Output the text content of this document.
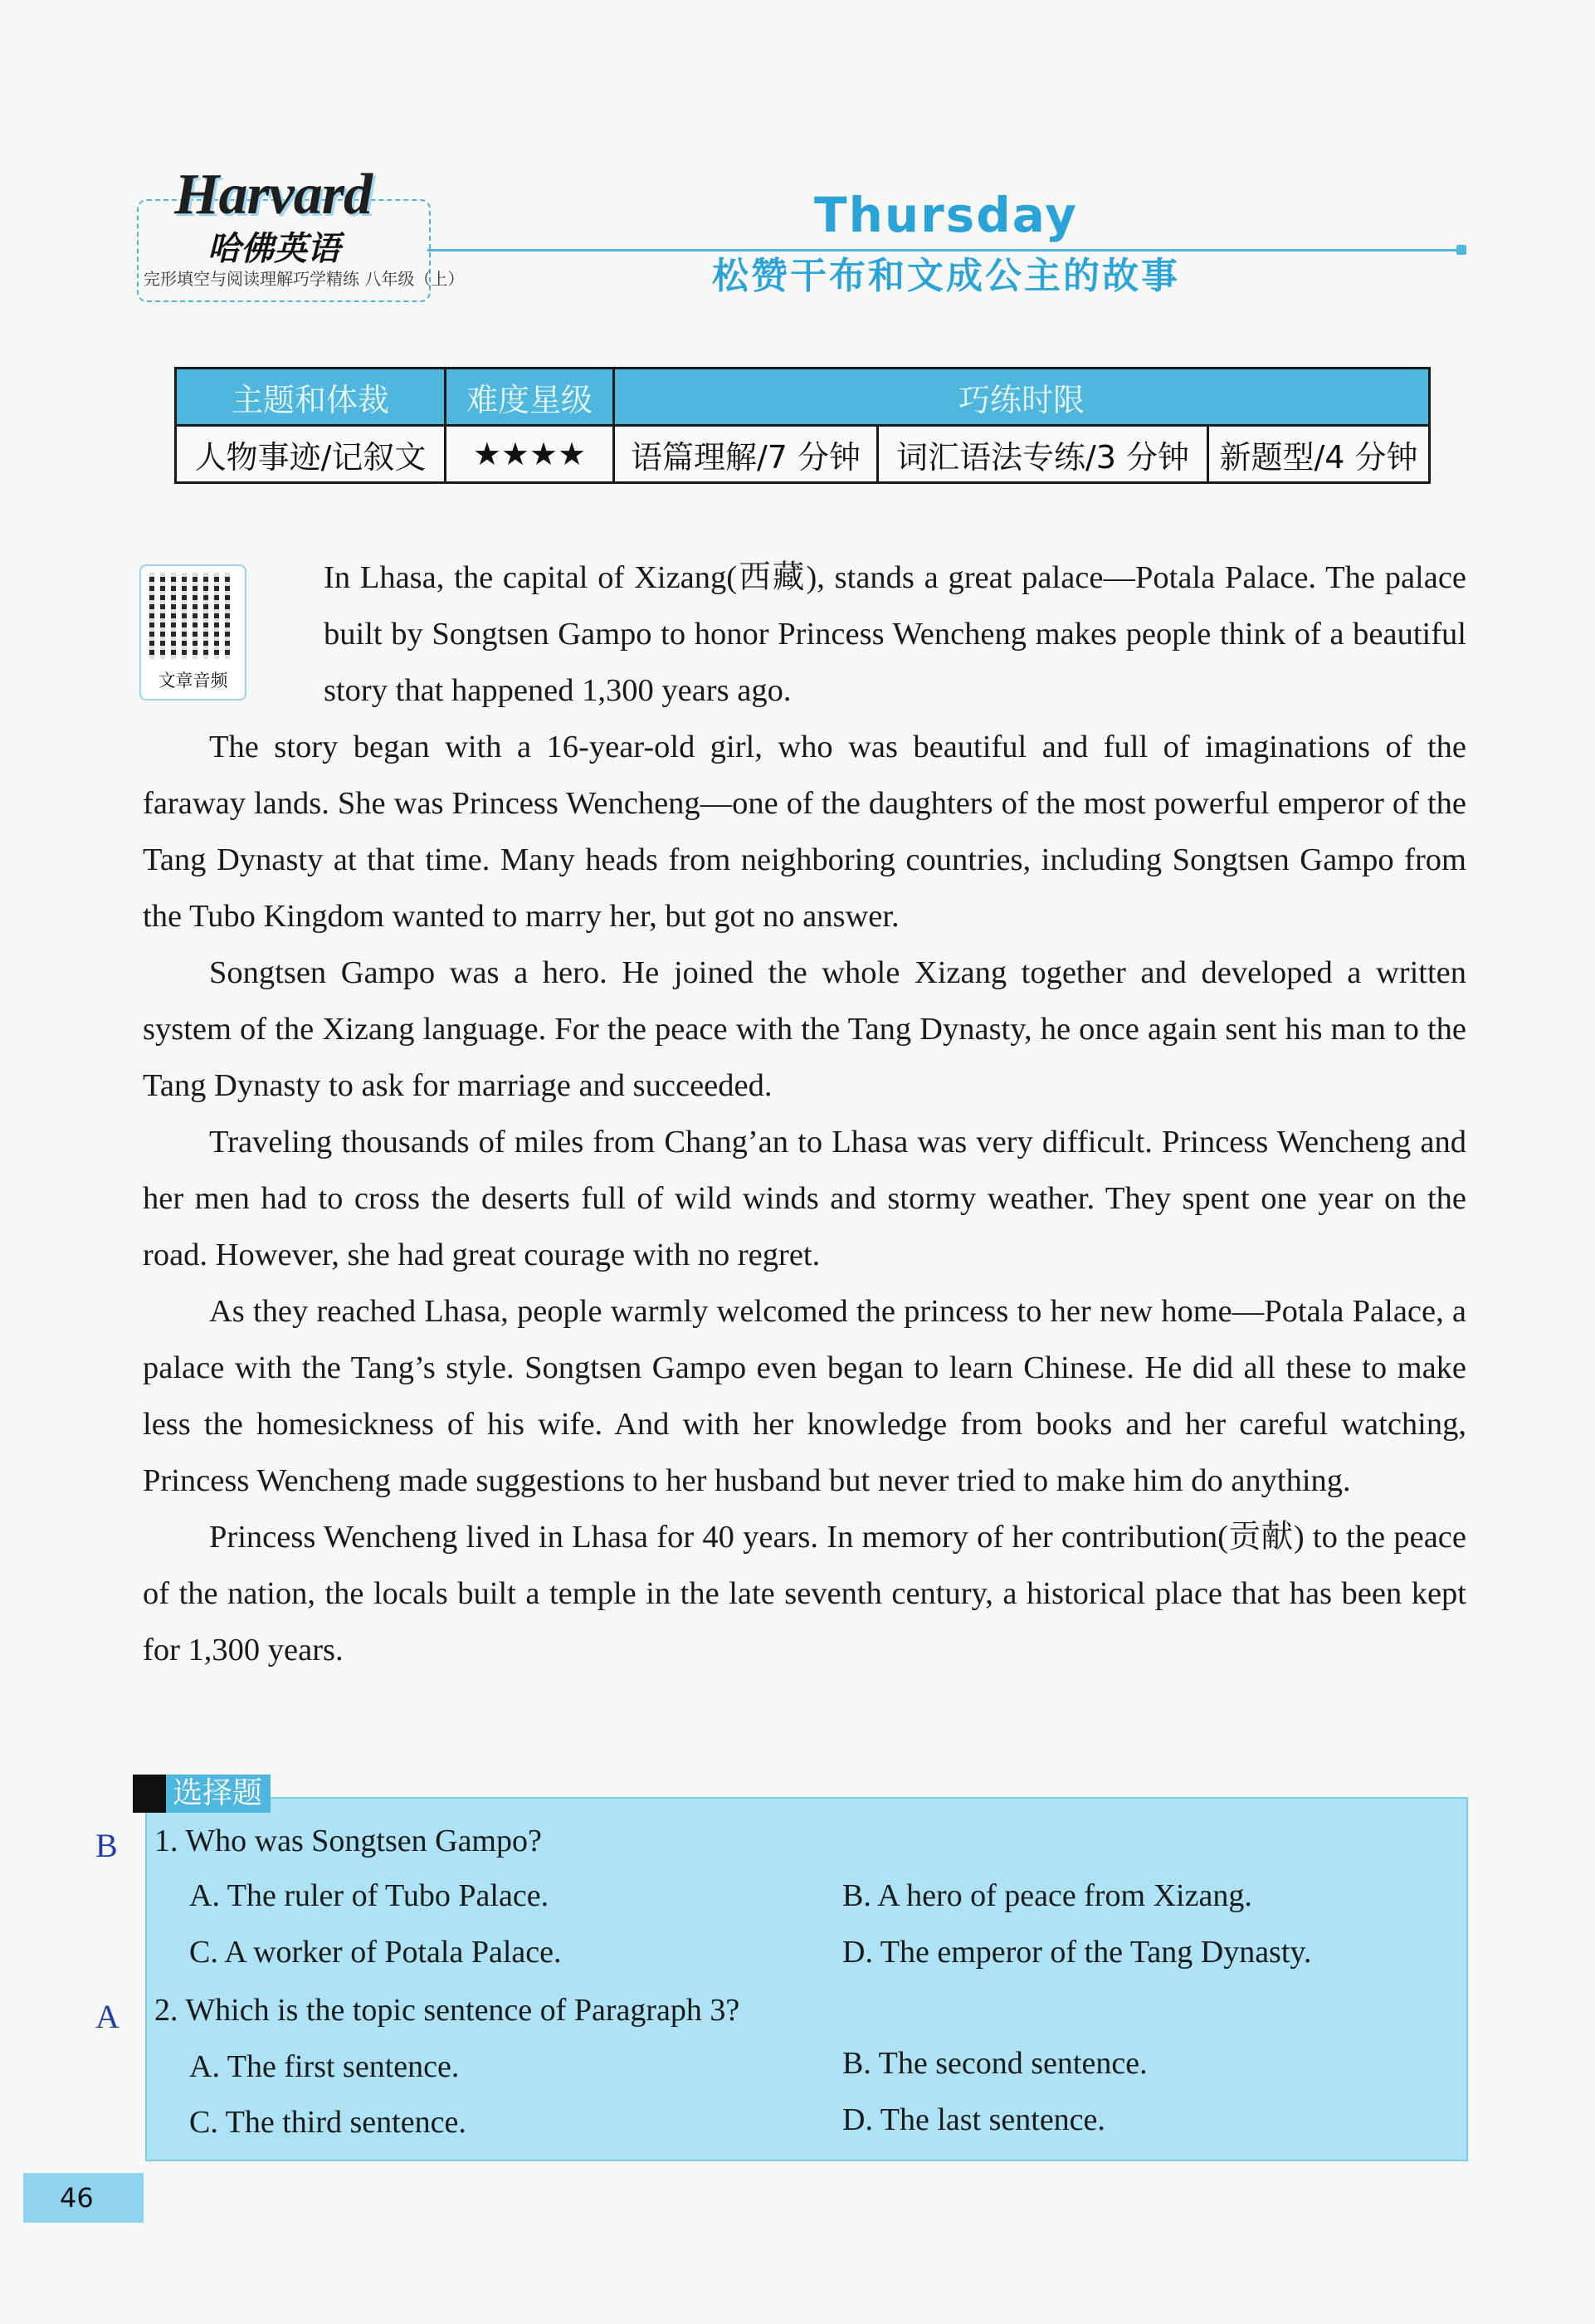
Harvard
哈佛英语
完形填空与阅读理解巧学精练 八年级（上）
Thursday
松赞干布和文成公主的故事
主题和体裁	难度星级	巧练时限		
人物事迹/记叙文	★★★★	语篇理解/7 分钟	词汇语法专练/3 分钟	新题型/4 分钟
文章音频

In Lhasa, the capital of Xizang(西藏), stands a great palace—Potala Palace. The palace built by Songtsen Gampo to honor Princess Wencheng makes people think of a beautiful story that happened 1,300 years ago.

The story began with a 16-year-old girl, who was beautiful and full of imaginations of the faraway lands. She was Princess Wencheng—one of the daughters of the most powerful emperor of the Tang Dynasty at that time. Many heads from neighboring countries, including Songtsen Gampo from the Tubo Kingdom wanted to marry her, but got no answer.

Songtsen Gampo was a hero. He joined the whole Xizang together and developed a written system of the Xizang language. For the peace with the Tang Dynasty, he once again sent his man to the Tang Dynasty to ask for marriage and succeeded.

Traveling thousands of miles from Chang’an to Lhasa was very difficult. Princess Wencheng and her men had to cross the deserts full of wild winds and stormy weather. They spent one year on the road. However, she had great courage with no regret.

As they reached Lhasa, people warmly welcomed the princess to her new home—Potala Palace, a palace with the Tang’s style. Songtsen Gampo even began to learn Chinese. He did all these to make less the homesickness of his wife. And with her knowledge from books and her careful watching, Princess Wencheng made suggestions to her husband but never tried to make him do anything.

Princess Wencheng lived in Lhasa for 40 years. In memory of her contribution(贡献) to the peace of the nation, the locals built a temple in the late seventh century, a historical place that has been kept for 1,300 years.

选择题
B 1. Who was Songtsen Gampo?
A. The ruler of Tubo Palace.	B. A hero of peace from Xizang.
C. A worker of Potala Palace.	D. The emperor of the Tang Dynasty.
A 2. Which is the topic sentence of Paragraph 3?
A. The first sentence.	B. The second sentence.
C. The third sentence.	D. The last sentence.
46
